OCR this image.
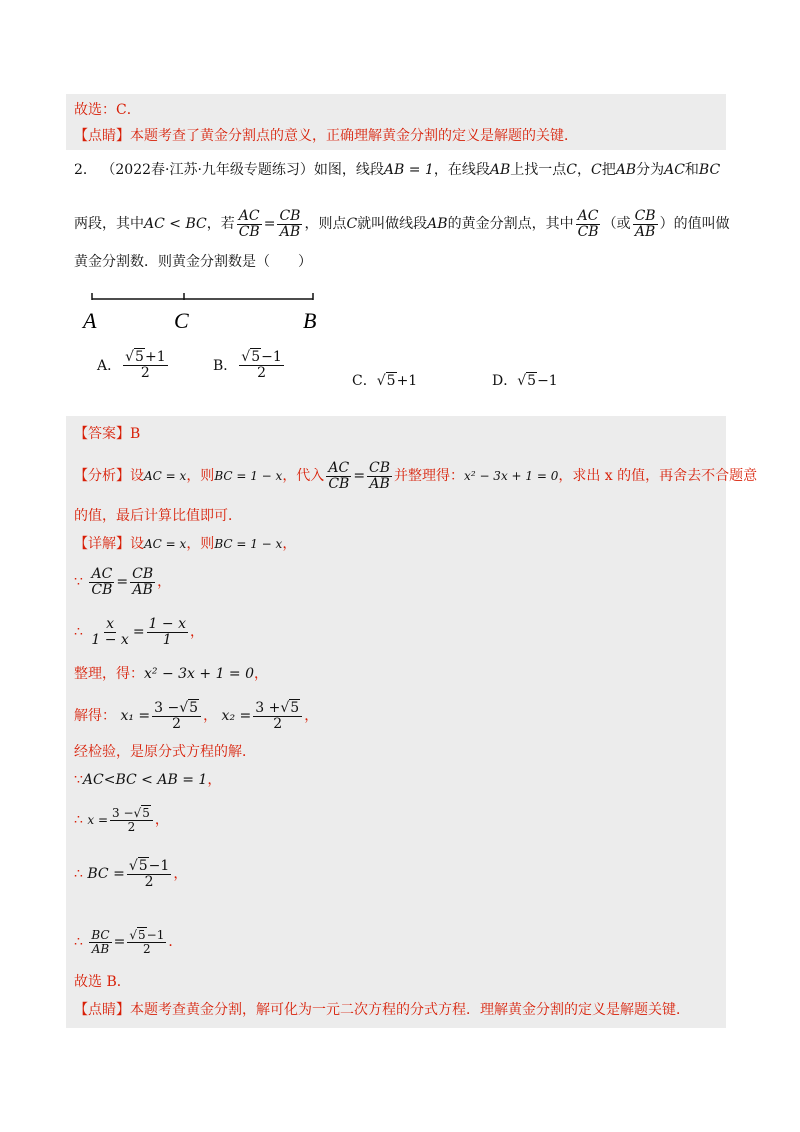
故选：C．
【点睛】本题考查了黄金分割点的意义，正确理解黄金分割的定义是解题的关键．
2． （2022春·江苏·九年级专题练习）如图，线段AB = 1，在线段AB上找一点C，C把AB分为AC和BC
两段，其中AC < BC，若 $\frac{AC}{CB} = \frac{CB}{AB}$ ，则点C就叫做线段AB的黄金分割点，其中 $\frac{AC}{CB}$ （或 $\frac{CB}{AB}$ ）的值叫做
黄金分割数．则黄金分割数是（　　）
A	C	B
A． $\frac{√5+1}{2}$	B． $\frac{√5-1}{2}$
C．√5+1	D．√5−1
【答案】B
【分析】设AC = x，则BC = 1 − x，代入 $\frac{AC}{CB} = \frac{CB}{AB}$ 并整理得：x² − 3x + 1 = 0，求出 x 的值，再舍去不合题意
的值，最后计算比值即可．
【详解】设AC = x，则BC = 1 − x，
∵ $\frac{AC}{CB} = \frac{CB}{AB}$ ，
∴ $\frac{x}{1 - x} = \frac{1 - x}{1}$ ，
整理，得：x² − 3x + 1 = 0，
解得： $x_1 = \frac{3 -√5}{2}$ ， $x_2 = \frac{3 +√5}{2}$ ，
经检验，是原分式方程的解．
∵AC<BC < AB = 1，
∴ $x = \frac{3 -√5}{2}$ ，
∴ BC = $\frac{√5-1}{2}$ ，
∴ $\frac{BC}{AB} = \frac{√5-1}{2}$ ．
故选 B．
【点睛】本题考查黄金分割，解可化为一元二次方程的分式方程．理解黄金分割的定义是解题关键．
